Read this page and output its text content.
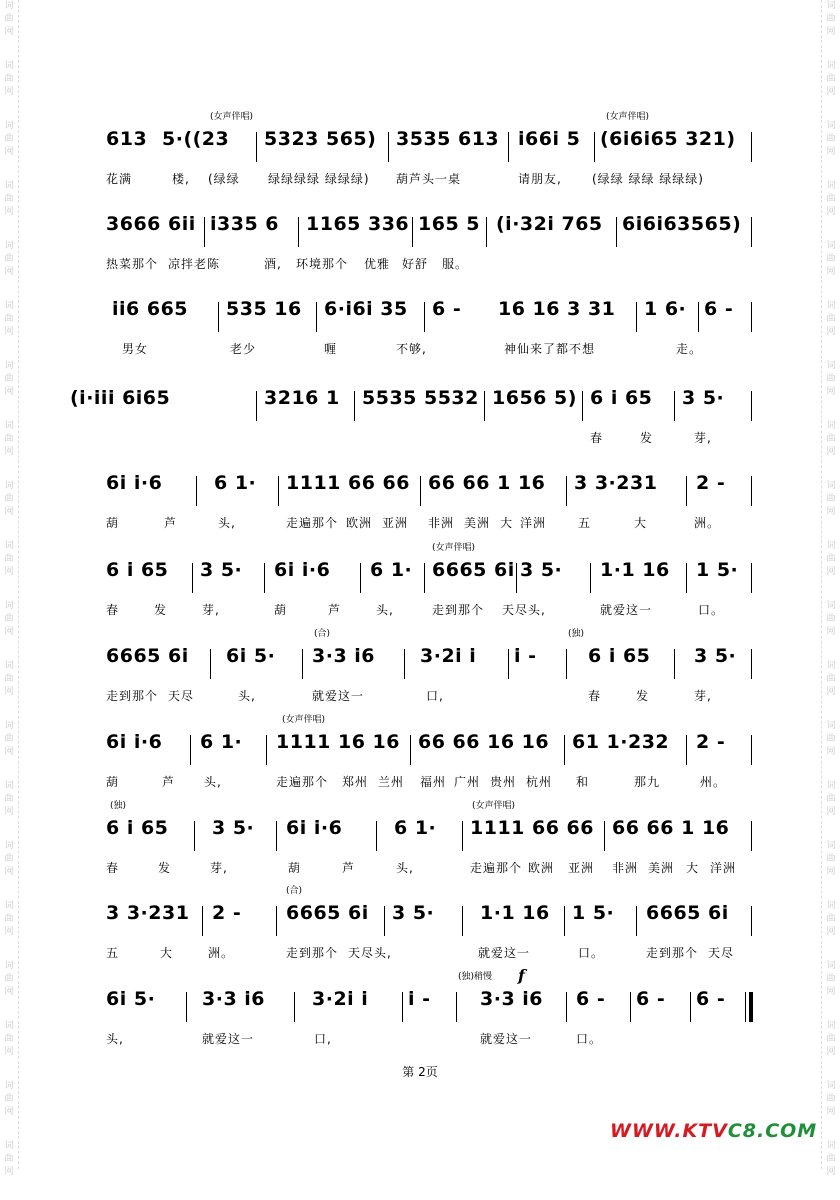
词
曲
网
词
曲
网
词
曲
网
词
曲
网
词
曲
网
词
曲
网
词
曲
网
词
曲
网
词
曲
网
词
曲
网
词
曲
网
词
曲
网
词
曲
网
词
曲
网
词
曲
网
词
曲
网
词
曲
网
词
曲
网
词
曲
网
词
曲
网
词
曲
网
词
曲
网
词
曲
网
词
曲
网
词
曲
网
词
曲
网
词
曲
网
词
曲
网
词
曲
网
词
曲
网
词
曲
网
词
曲
网
词
曲
网
词
曲
网
词
曲
网
词
曲
网
词
曲
网
词
曲
网
词
曲
网
词
曲
网
(女声伴唱)	(女声伴唱)
613 5·((23 5323 565) 3535 613 i66i 5 (6i6i65 321)
花满	楼, (绿绿 绿绿绿绿 绿绿绿) 葫芦头一桌	请朋友,	(绿绿 绿绿 绿绿绿)
3666 6ii i335 6 1165 336 165 5 (i·32i 765 6i6i63565)
热菜那个 凉拌老陈	酒, 环境那个 优雅 好舒 服。
ii6 665 535 16 6·i6i 35 6 - 16 16 3 31 1 6· 6 -
男女	老少	喱	不够,	神仙来了都不想	走。
(i·iii 6i65	3216 1 5535 5532 1656 5) 6 i 65 3 5·
春	发	芽,
6i i·6	6 1· 1111 66 66 66 66 1 16 3 3·231 2 -
葫	芦	头,	走遍那个 欧洲 亚洲 非洲 美洲 大 洋洲	五	大	洲。
(女声伴唱)
6 i 65 3 5· 6i i·6 6 1· 6665 6i 3 5· 1·1 16 1 5·
春	发	芽,	葫	芦	头,	走到那个 天尽头,	就爱这一	口。
(合)	(独)
6665 6i 6i 5· 3·3 i6 3·2i i i -	6 i 65 3 5·
走到那个 天尽	头,	就爱这一	口,	春	发	芽,
(女声伴唱)
6i i·6 6 1· 1111 16 16 66 66 16 16 61 1·232 2 -
葫	芦 头,	走遍那个 郑州 兰州 福州 广州 贵州 杭州 和	那九	州。
(独)	(女声伴唱)
6 i 65 3 5· 6i i·6	6 1· 1111 66 66 66 66 1 16
春	发	芽,	葫	芦	头,	走遍那个 欧洲 亚洲 非洲 美洲 大 洋洲
(合)
3 3·231 2 - 6665 6i 3 5· 1·1 16 1 5· 6665 6i
五	大	洲。	走到那个 天尽头,	就爱这一	口。	走到那个 天尽
(独)稍慢 f
6i 5· 3·3 i6 3·2i i i -	3·3 i6 6 - 6 - 6 -
头,	就爱这一	口,	就爱这一	口。
第 2页
WWW.KTVC8.COM
